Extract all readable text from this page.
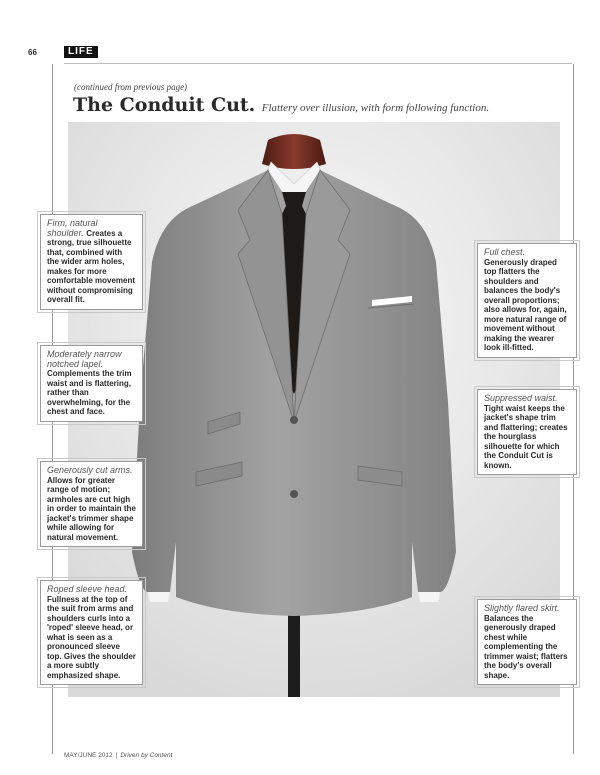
66	LIFE
(continued from previous page)
The Conduit Cut. Flattery over illusion, with form following function.
Firm, natural shoulder. Creates a strong, true silhouette that, combined with the wider arm holes, makes for more comfortable movement without compromising overall fit.
Moderately narrow notched lapel. Complements the trim waist and is flattering, rather than overwhelming, for the chest and face.
Generously cut arms. Allows for greater range of motion; armholes are cut high in order to maintain the jacket's trimmer shape while allowing for natural movement.
Roped sleeve head. Fullness at the top of the suit from arms and shoulders curls into a 'roped' sleeve head, or what is seen as a pronounced sleeve top. Gives the shoulder a more subtly emphasized shape.
Full chest. Generously draped top flatters the shoulders and balances the body's overall proportions; also allows for, again, more natural range of movement without making the wearer look ill-fitted.
Suppressed waist. Tight waist keeps the jacket's shape trim and flattering; creates the hourglass silhouette for which the Conduit Cut is known.
Slightly flared skirt. Balances the generously draped chest while complementing the trimmer waist; flatters the body's overall shape.
MAY/JUNE 2012 | Driven by Content
